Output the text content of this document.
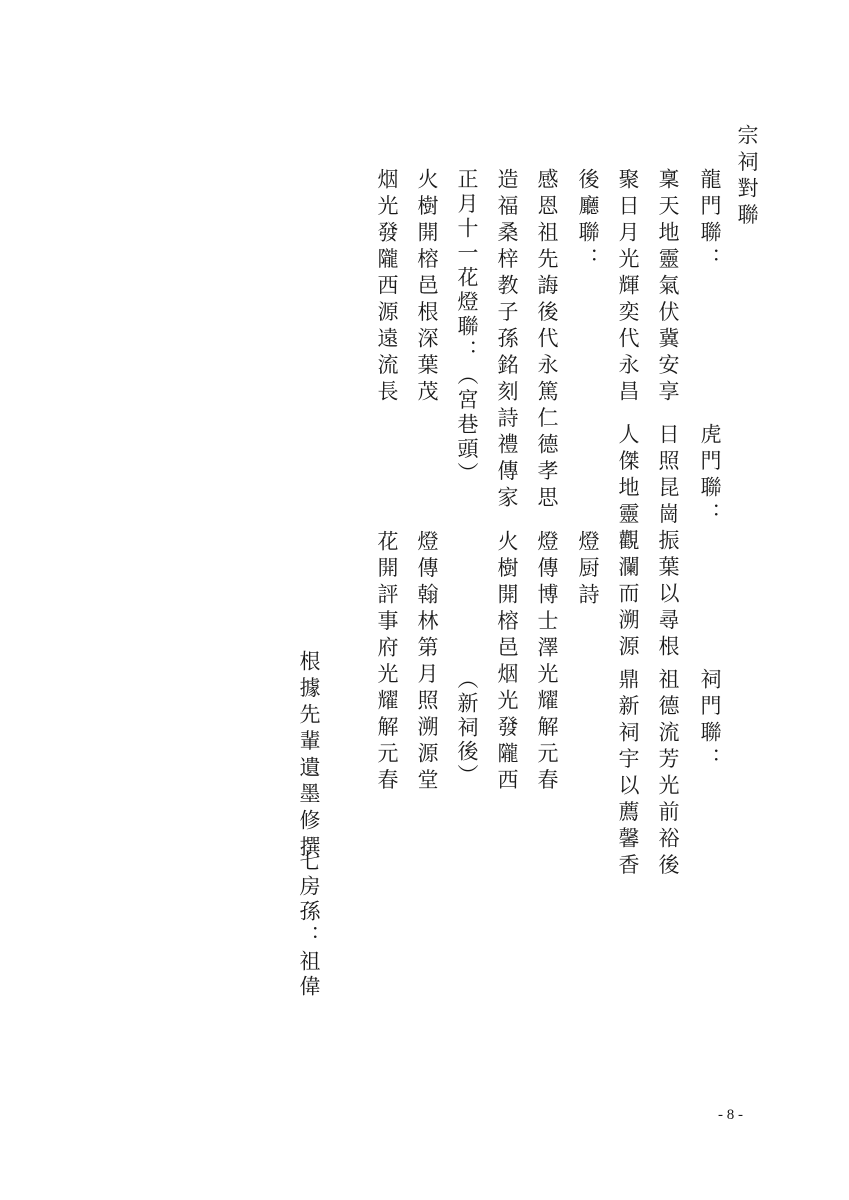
宗祠對聯
龍門聯：
虎門聯：
祠門聯：
稟天地靈氣伏冀安享
聚日月光輝奕代永昌
日照昆崗振葉以尋根
人傑地靈觀瀾而溯源
祖德流芳光前裕後
鼎新祠宇以薦馨香
後廳聯：
感恩祖先誨後代永篤仁德孝思
造福桑梓教子孫銘刻詩禮傳家
燈厨詩
燈傳博士澤光耀解元春
火樹開榕邑烟光發隴西
正月十一花燈聯：（宮巷頭）
火樹開榕邑根深葉茂
烟光發隴西源遠流長
（新祠後）
燈傳翰林第月照溯源堂
花開評事府光耀解元春
根據先輩遺墨修撰
七房孫：祖偉
- 8 -
